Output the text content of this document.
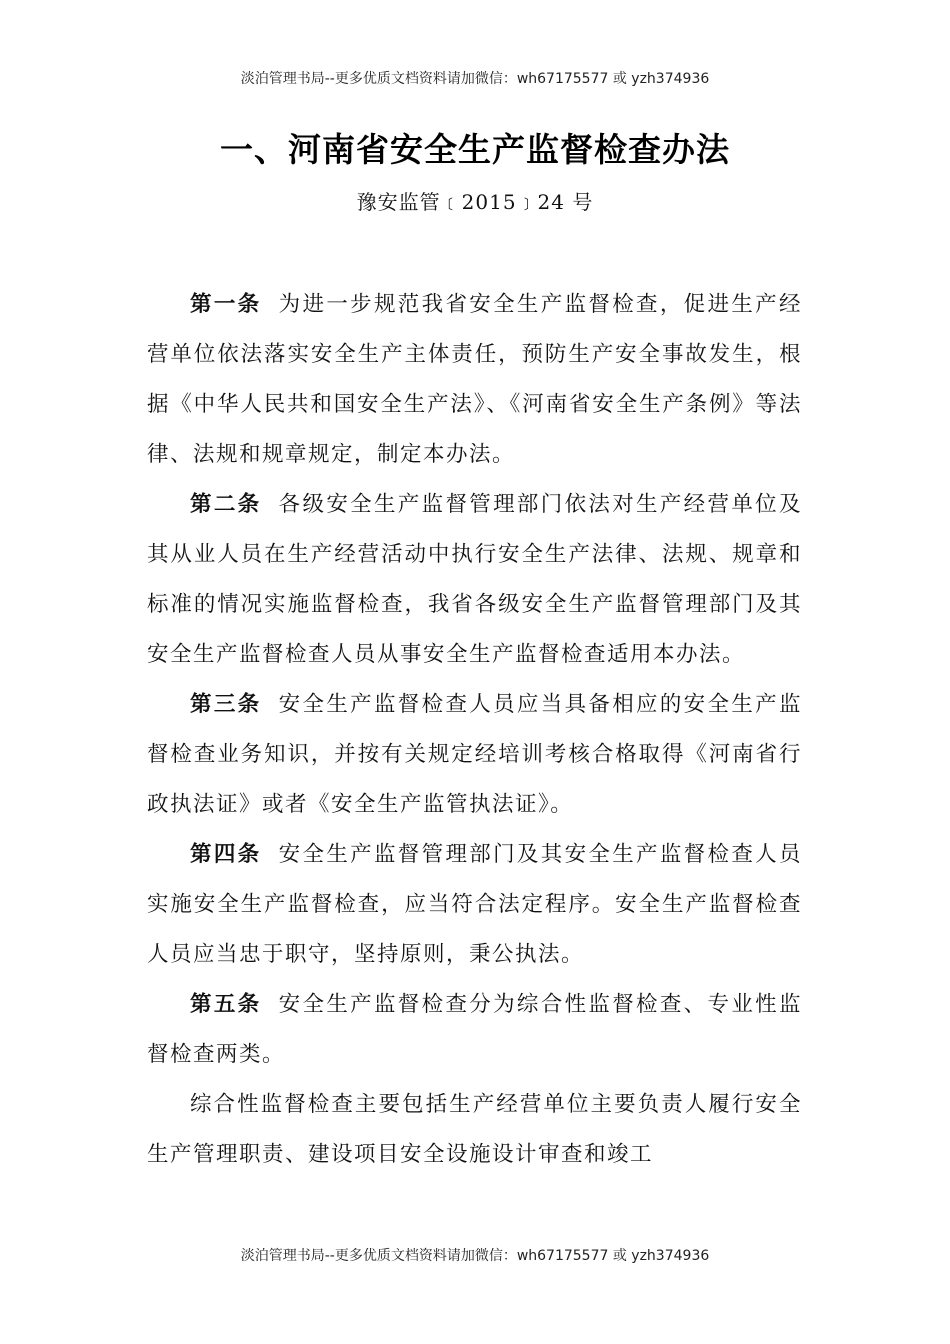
淡泊管理书局--更多优质文档资料请加微信：wh67175577 或 yzh374936
一、河南省安全生产监督检查办法
豫安监管﹝2015﹞24 号

第一条 为进一步规范我省安全生产监督检查，促进生产经营单位依法落实安全生产主体责任，预防生产安全事故发生，根据《中华人民共和国安全生产法》、《河南省安全生产条例》等法律、法规和规章规定，制定本办法。

第二条 各级安全生产监督管理部门依法对生产经营单位及其从业人员在生产经营活动中执行安全生产法律、法规、规章和标准的情况实施监督检查，我省各级安全生产监督管理部门及其安全生产监督检查人员从事安全生产监督检查适用本办法。

第三条 安全生产监督检查人员应当具备相应的安全生产监督检查业务知识，并按有关规定经培训考核合格取得《河南省行政执法证》或者《安全生产监管执法证》。

第四条 安全生产监督管理部门及其安全生产监督检查人员实施安全生产监督检查，应当符合法定程序。安全生产监督检查人员应当忠于职守，坚持原则，秉公执法。

第五条 安全生产监督检查分为综合性监督检查、专业性监督检查两类。

综合性监督检查主要包括生产经营单位主要负责人履行安全生产管理职责、建设项目安全设施设计审查和竣工

淡泊管理书局--更多优质文档资料请加微信：wh67175577 或 yzh374936
